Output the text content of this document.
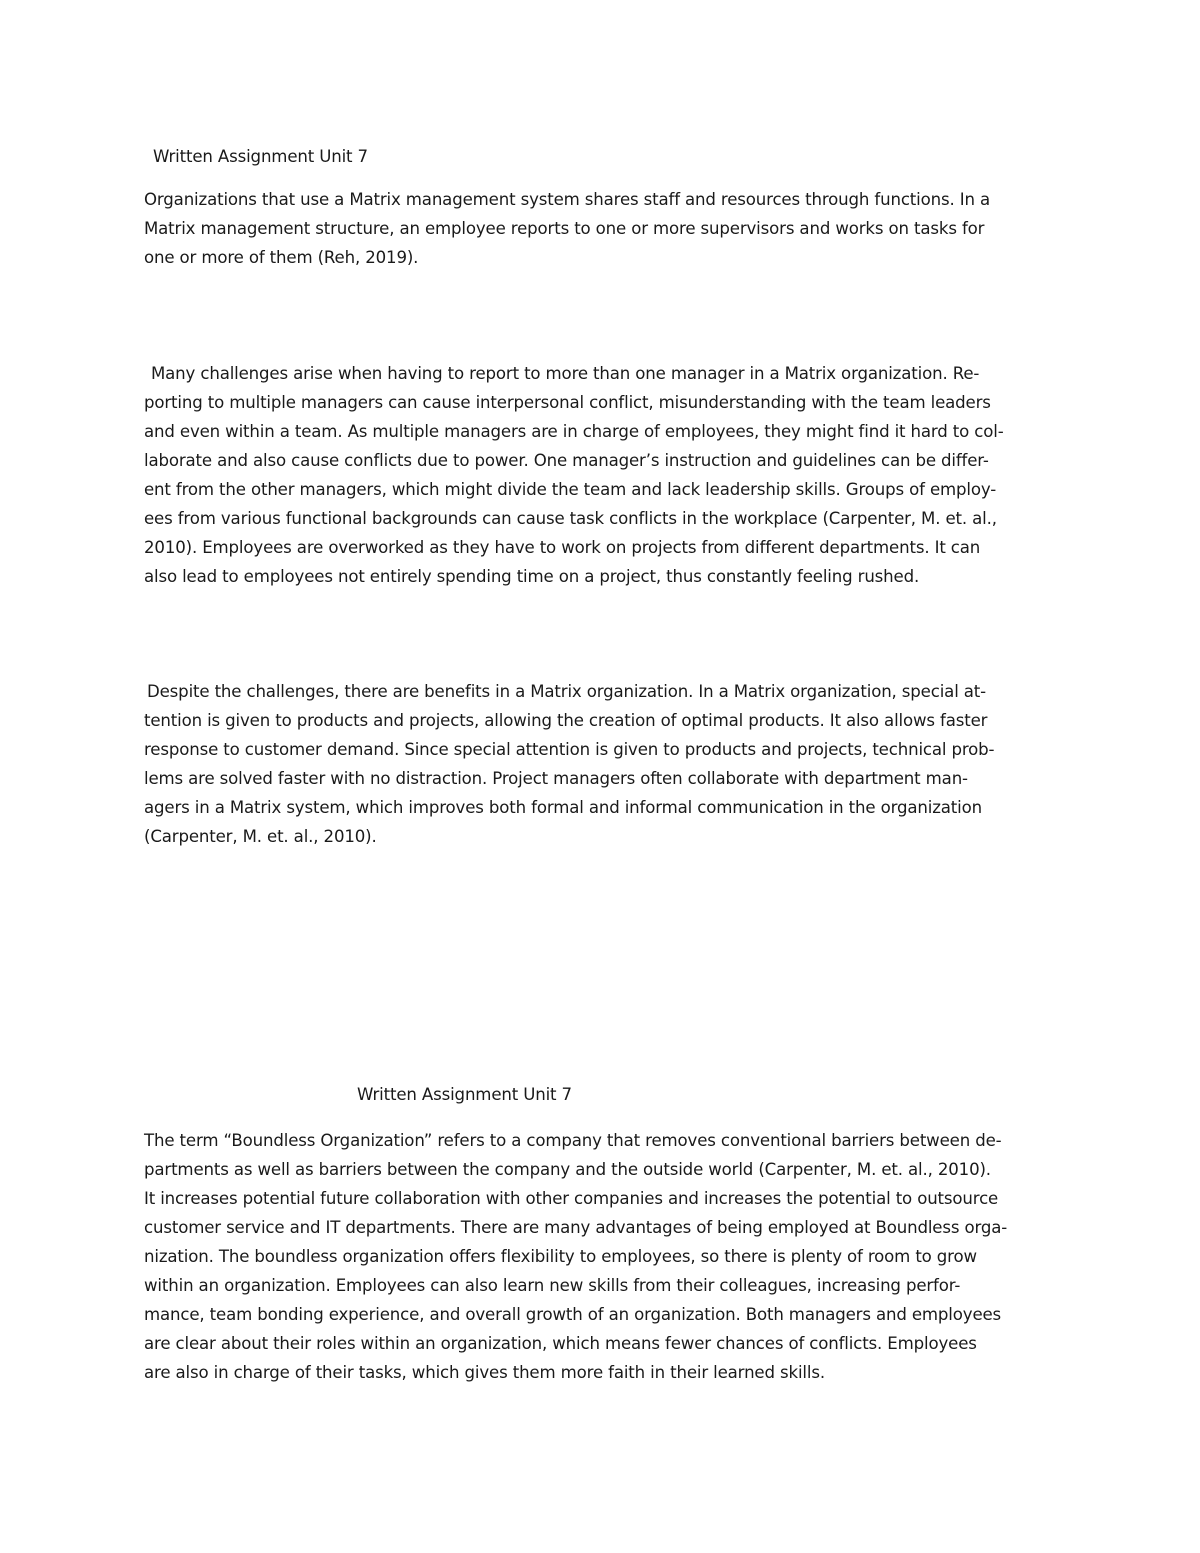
Written Assignment Unit 7

Organizations that use a Matrix management system shares staff and resources through functions. In a

Matrix management structure, an employee reports to one or more supervisors and works on tasks for

one or more of them (Reh, 2019).

Many challenges arise when having to report to more than one manager in a Matrix organization. Re-

porting to multiple managers can cause interpersonal conflict, misunderstanding with the team leaders

and even within a team. As multiple managers are in charge of employees, they might find it hard to col-

laborate and also cause conflicts due to power. One manager’s instruction and guidelines can be differ-

ent from the other managers, which might divide the team and lack leadership skills. Groups of employ-

ees from various functional backgrounds can cause task conflicts in the workplace (Carpenter, M. et. al.,

2010). Employees are overworked as they have to work on projects from different departments. It can

also lead to employees not entirely spending time on a project, thus constantly feeling rushed.

Despite the challenges, there are benefits in a Matrix organization. In a Matrix organization, special at-

tention is given to products and projects, allowing the creation of optimal products. It also allows faster

response to customer demand. Since special attention is given to products and projects, technical prob-

lems are solved faster with no distraction. Project managers often collaborate with department man-

agers in a Matrix system, which improves both formal and informal communication in the organization

(Carpenter, M. et. al., 2010).

Written Assignment Unit 7

The term “Boundless Organization” refers to a company that removes conventional barriers between de-

partments as well as barriers between the company and the outside world (Carpenter, M. et. al., 2010).

It increases potential future collaboration with other companies and increases the potential to outsource

customer service and IT departments. There are many advantages of being employed at Boundless orga-

nization. The boundless organization offers flexibility to employees, so there is plenty of room to grow

within an organization. Employees can also learn new skills from their colleagues, increasing perfor-

mance, team bonding experience, and overall growth of an organization. Both managers and employees

are clear about their roles within an organization, which means fewer chances of conflicts. Employees

are also in charge of their tasks, which gives them more faith in their learned skills.
